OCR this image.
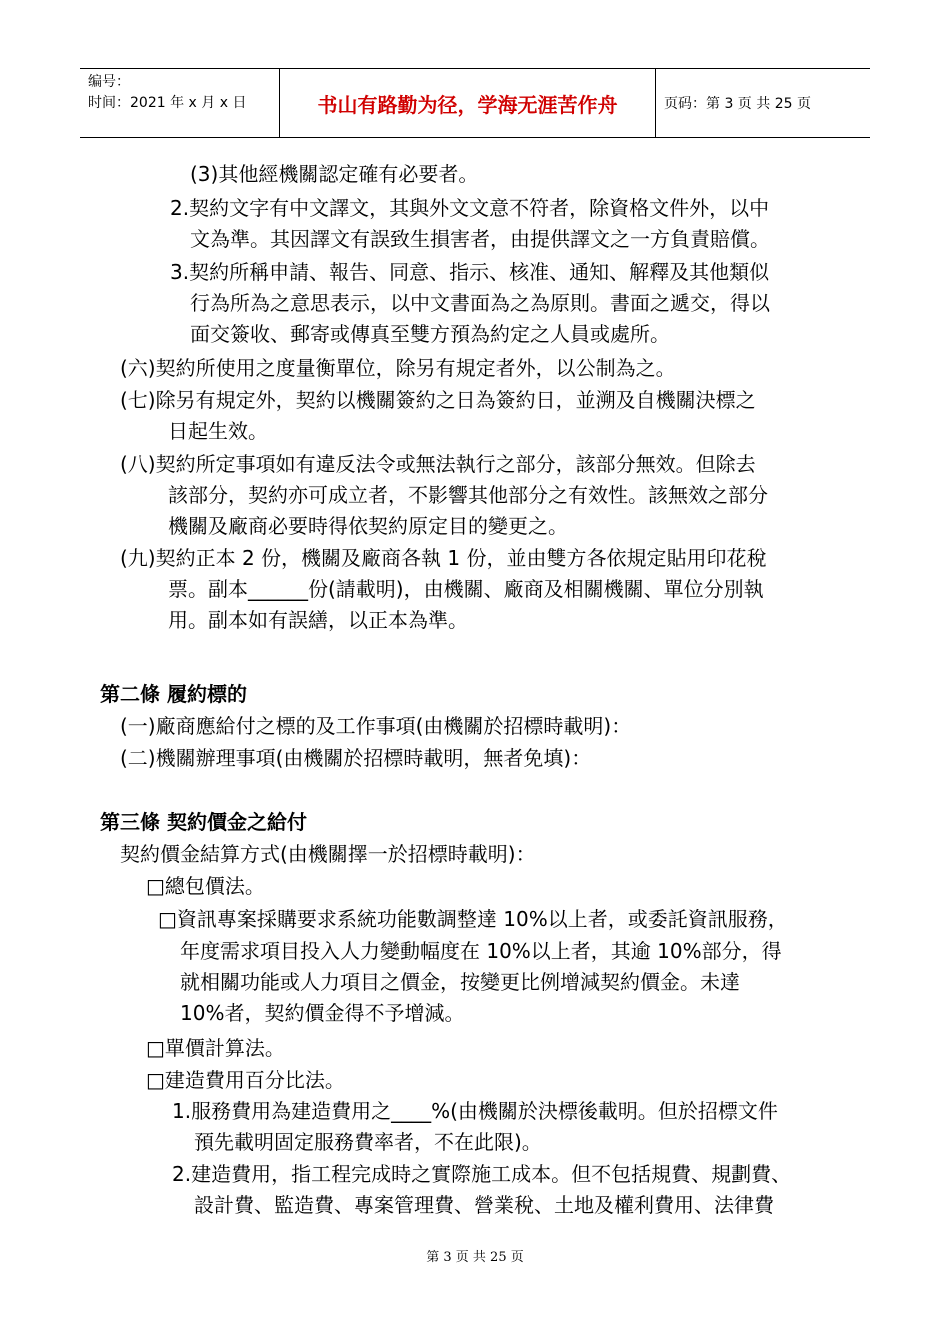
编号：
时间：2021 年 x 月 x 日	书山有路勤为径，学海无涯苦作舟	页码：第 3 页 共 25 页
(3)其他經機關認定確有必要者。
2.契約文字有中文譯文，其與外文文意不符者，除資格文件外，以中
文為準。其因譯文有誤致生損害者，由提供譯文之一方負責賠償。
3.契約所稱申請、報告、同意、指示、核准、通知、解釋及其他類似
行為所為之意思表示，以中文書面為之為原則。書面之遞交，得以
面交簽收、郵寄或傳真至雙方預為約定之人員或處所。
(六)契約所使用之度量衡單位，除另有規定者外，以公制為之。
(七)除另有規定外，契約以機關簽約之日為簽約日，並溯及自機關決標之
日起生效。
(八)契約所定事項如有違反法令或無法執行之部分，該部分無效。但除去
該部分，契約亦可成立者，不影響其他部分之有效性。該無效之部分
機關及廠商必要時得依契約原定目的變更之。
(九)契約正本 2 份，機關及廠商各執 1 份，並由雙方各依規定貼用印花稅
票。副本______份(請載明)，由機關、廠商及相關機關、單位分別執
用。副本如有誤繕，以正本為準。
第二條 履約標的
(一)廠商應給付之標的及工作事項(由機關於招標時載明)：
(二)機關辦理事項(由機關於招標時載明，無者免填)：
第三條 契約價金之給付
契約價金結算方式(由機關擇一於招標時載明)：
□總包價法。
□資訊專案採購要求系統功能數調整達 10%以上者，或委託資訊服務，
年度需求項目投入人力變動幅度在 10%以上者，其逾 10%部分，得
就相關功能或人力項目之價金，按變更比例增減契約價金。未達
10%者，契約價金得不予增減。
□單價計算法。
□建造費用百分比法。
1.服務費用為建造費用之____%(由機關於決標後載明。但於招標文件
預先載明固定服務費率者，不在此限)。
2.建造費用，指工程完成時之實際施工成本。但不包括規費、規劃費、
設計費、監造費、專案管理費、營業稅、土地及權利費用、法律費
第 3 页 共 25 页
